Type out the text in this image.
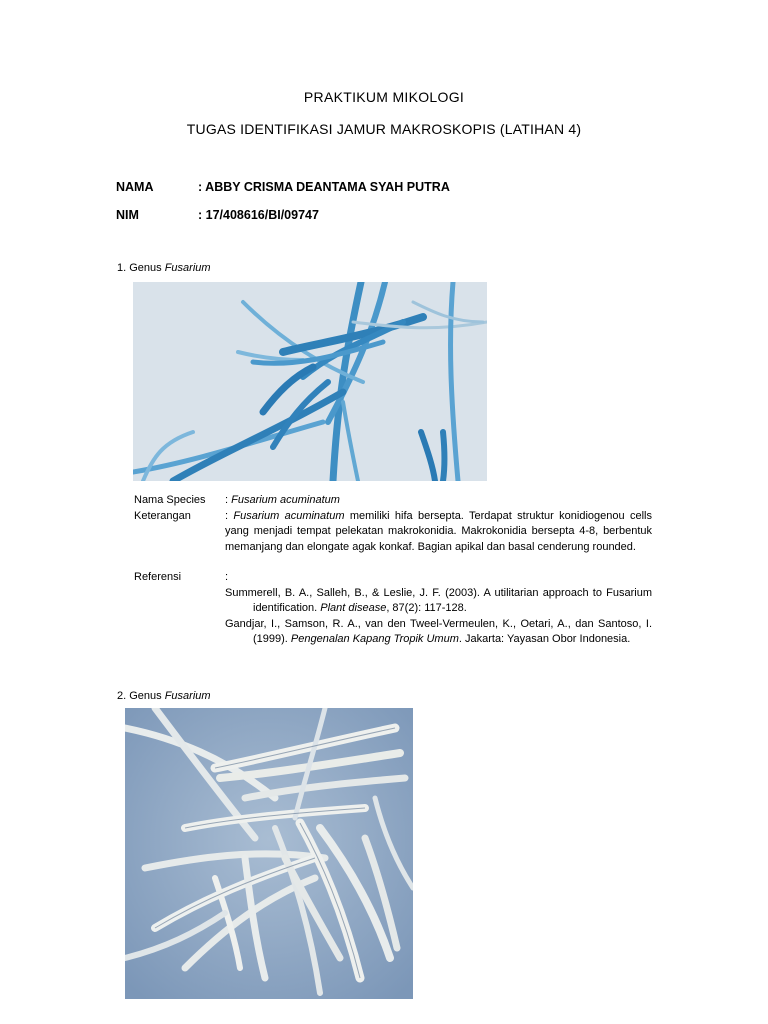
PRAKTIKUM MIKOLOGI
TUGAS IDENTIFIKASI JAMUR MAKROSKOPIS (LATIHAN 4)
NAMA	: ABBY CRISMA DEANTAMA SYAH PUTRA
NIM	: 17/408616/BI/09747
1. Genus Fusarium
Nama Species	: Fusarium acuminatum
Keterangan	: Fusarium acuminatum memiliki hifa bersepta. Terdapat struktur konidiogenou cells yang menjadi tempat pelekatan makrokonidia. Makrokonidia bersepta 4-8, berbentuk memanjang dan elongate agak konkaf. Bagian apikal dan basal cenderung rounded.
Referensi	:
Summerell, B. A., Salleh, B., & Leslie, J. F. (2003). A utilitarian approach to Fusarium identification. Plant disease, 87(2): 117-128.
Gandjar, I., Samson, R. A., van den Tweel-Vermeulen, K., Oetari, A., dan Santoso, I. (1999). Pengenalan Kapang Tropik Umum. Jakarta: Yayasan Obor Indonesia.
2. Genus Fusarium
